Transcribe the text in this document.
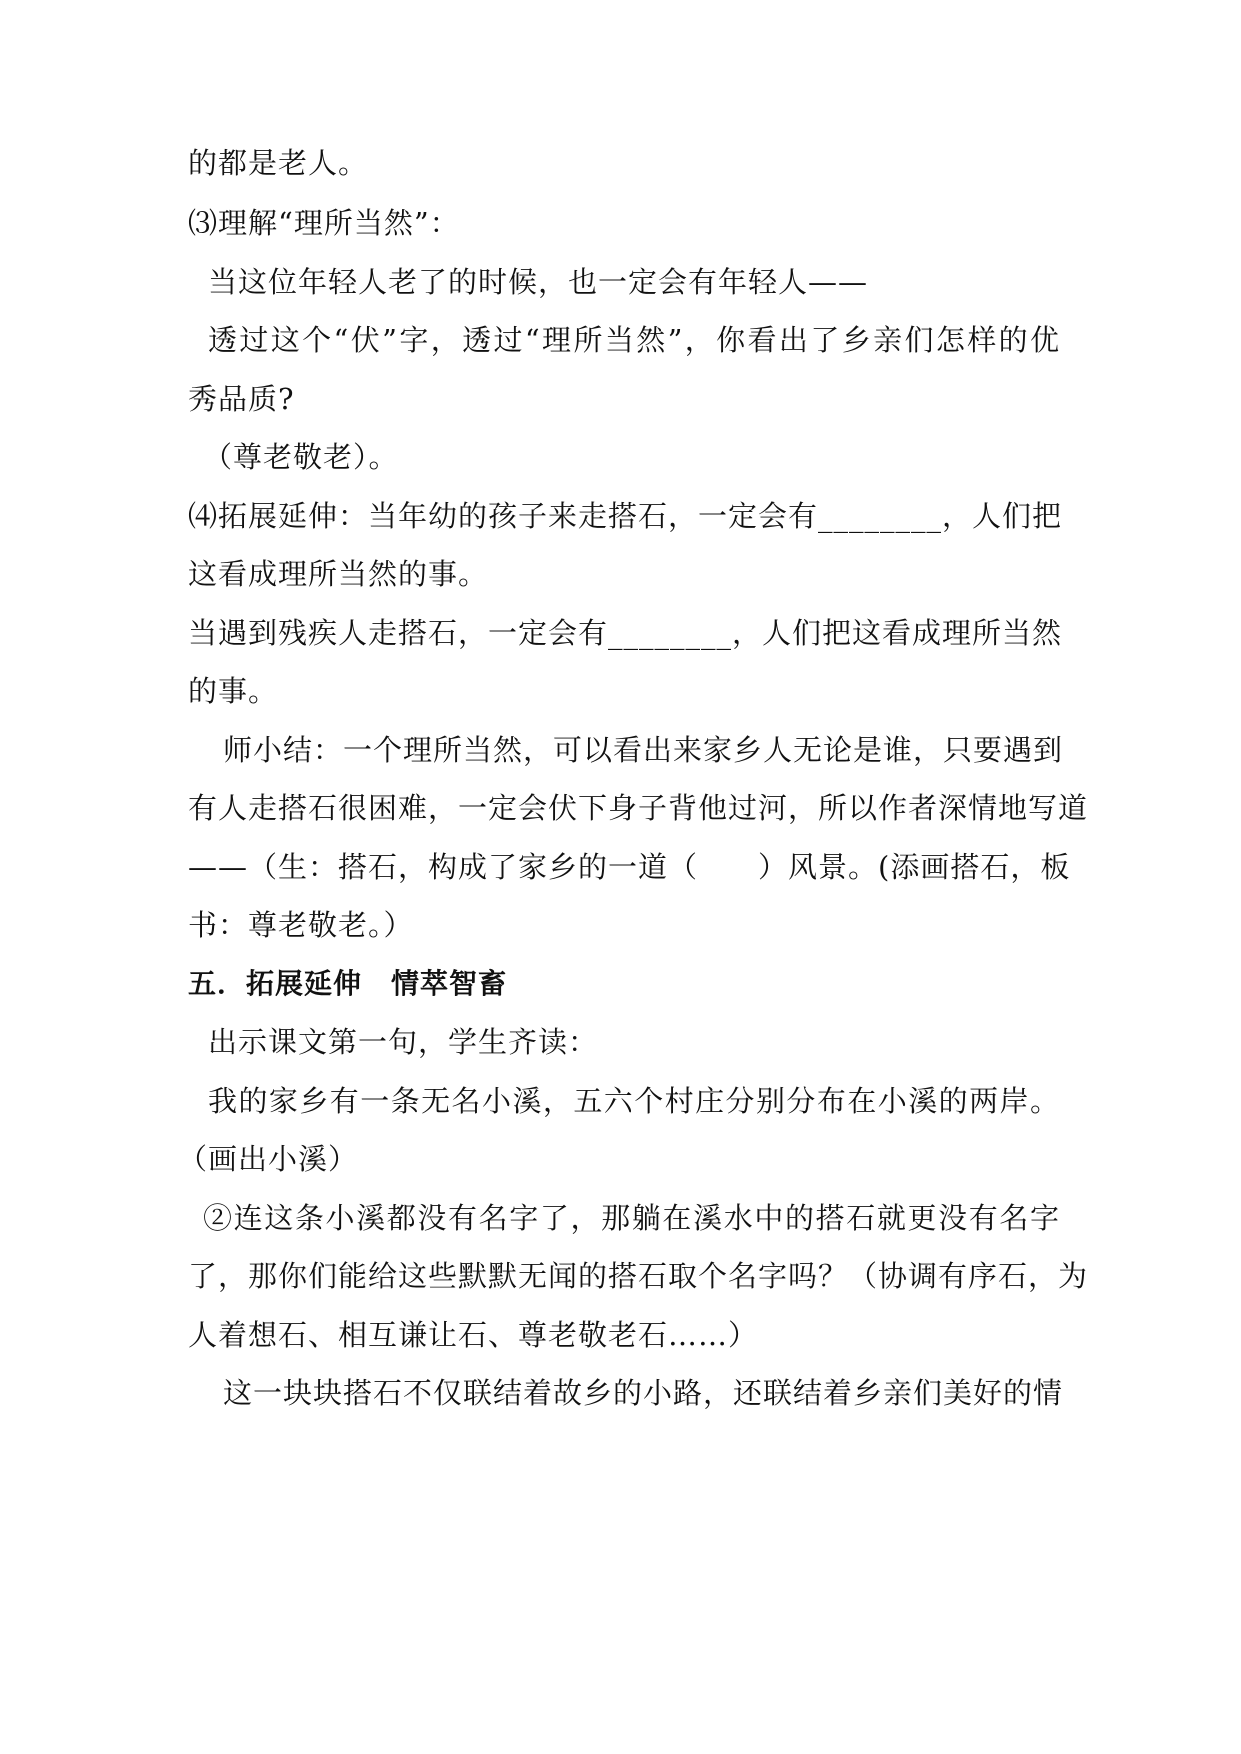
的都是老人。
⑶理解“理所当然”：
当这位年轻人老了的时候，也一定会有年轻人——
透过这个“伏”字，透过“理所当然”，你看出了乡亲们怎样的优
秀品质?
（尊老敬老）。
⑷拓展延伸：当年幼的孩子来走搭石，一定会有________，人们把
这看成理所当然的事。
当遇到残疾人走搭石，一定会有________，人们把这看成理所当然
的事。
师小结：一个理所当然，可以看出来家乡人无论是谁，只要遇到
有人走搭石很困难，一定会伏下身子背他过河，所以作者深情地写道
——（生：搭石，构成了家乡的一道（　　）风景。(添画搭石，板
书：尊老敬老。）
五．拓展延伸　情萃智畜
出示课文第一句，学生齐读：
我的家乡有一条无名小溪，五六个村庄分别分布在小溪的两岸。
（画出小溪）
②连这条小溪都没有名字了，那躺在溪水中的搭石就更没有名字
了，那你们能给这些默默无闻的搭石取个名字吗？（协调有序石，为
人着想石、相互谦让石、尊老敬老石……）
这一块块搭石不仅联结着故乡的小路，还联结着乡亲们美好的情
